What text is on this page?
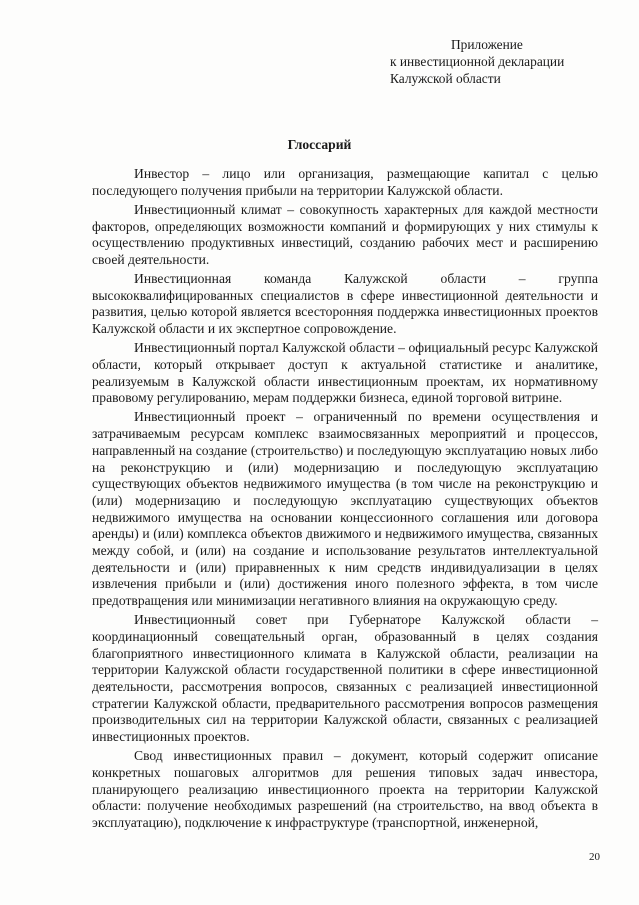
Приложение
к инвестиционной декларации
Калужской области
Глоссарий

Инвестор – лицо или организация, размещающие капитал с целью последующего получения прибыли на территории Калужской области.

Инвестиционный климат – совокупность характерных для каждой местности факторов, определяющих возможности компаний и формирующих у них стимулы к осуществлению продуктивных инвестиций, созданию рабочих мест и расширению своей деятельности.

Инвестиционная команда Калужской области – группа высококвалифицированных специалистов в сфере инвестиционной деятельности и развития, целью которой является всесторонняя поддержка инвестиционных проектов Калужской области и их экспертное сопровождение.

Инвестиционный портал Калужской области – официальный ресурс Калужской области, который открывает доступ к актуальной статистике и аналитике, реализуемым в Калужской области инвестиционным проектам, их нормативному правовому регулированию, мерам поддержки бизнеса, единой торговой витрине.

Инвестиционный проект – ограниченный по времени осуществления и затрачиваемым ресурсам комплекс взаимосвязанных мероприятий и процессов, направленный на создание (строительство) и последующую эксплуатацию новых либо на реконструкцию и (или) модернизацию и последующую эксплуатацию существующих объектов недвижимого имущества (в том числе на реконструкцию и (или) модернизацию и последующую эксплуатацию существующих объектов недвижимого имущества на основании концессионного соглашения или договора аренды) и (или) комплекса объектов движимого и недвижимого имущества, связанных между собой, и (или) на создание и использование результатов интеллектуальной деятельности и (или) приравненных к ним средств индивидуализации в целях извлечения прибыли и (или) достижения иного полезного эффекта, в том числе предотвращения или минимизации негативного влияния на окружающую среду.

Инвестиционный совет при Губернаторе Калужской области – координационный совещательный орган, образованный в целях создания благоприятного инвестиционного климата в Калужской области, реализации на территории Калужской области государственной политики в сфере инвестиционной деятельности, рассмотрения вопросов, связанных с реализацией инвестиционной стратегии Калужской области, предварительного рассмотрения вопросов размещения производительных сил на территории Калужской области, связанных с реализацией инвестиционных проектов.

Свод инвестиционных правил – документ, который содержит описание конкретных пошаговых алгоритмов для решения типовых задач инвестора, планирующего реализацию инвестиционного проекта на территории Калужской области: получение необходимых разрешений (на строительство, на ввод объекта в эксплуатацию), подключение к инфраструктуре (транспортной, инженерной,

20
